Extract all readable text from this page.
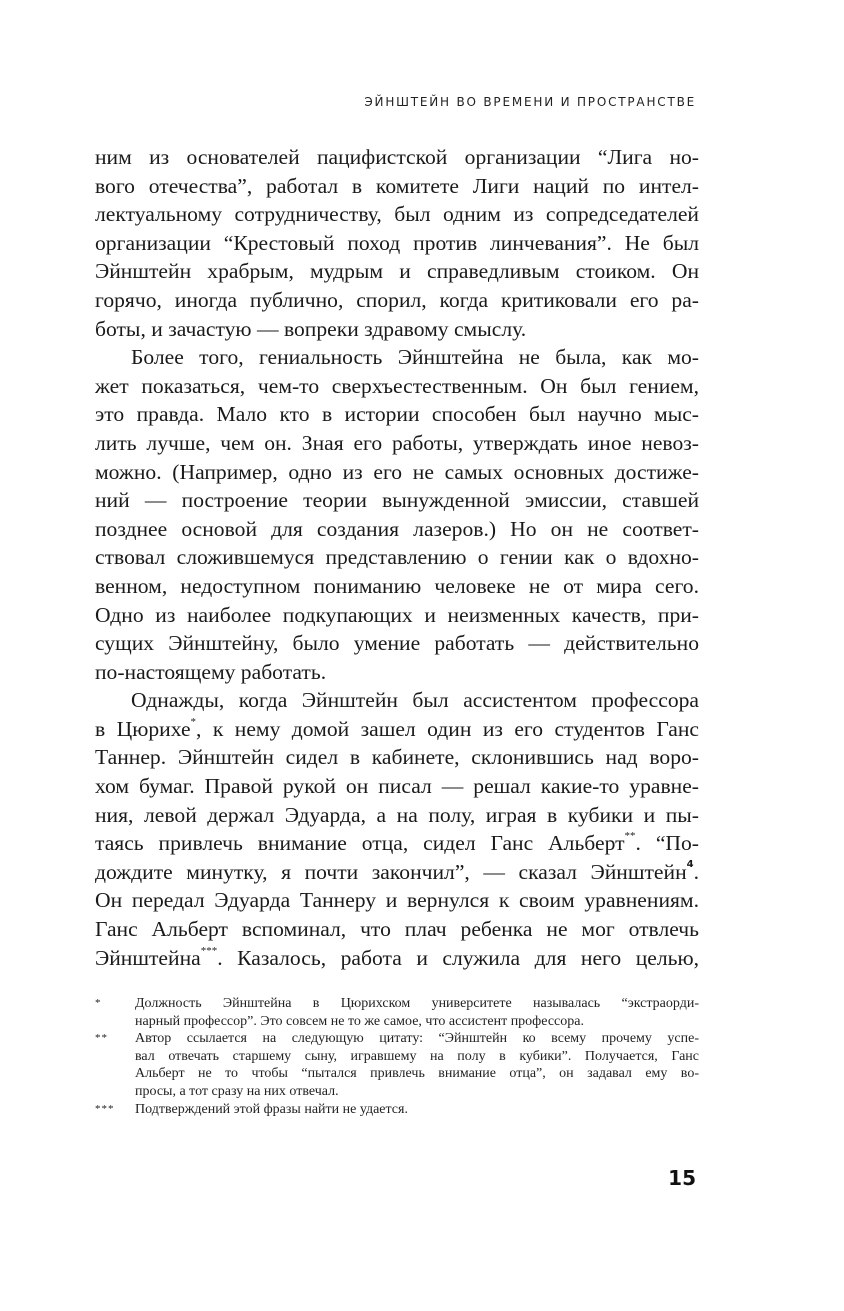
ЭЙНШТЕЙН ВО ВРЕМЕНИ И ПРОСТРАНСТВЕ
ним из основателей пацифистской организации “Лига но-
вого отечества”, работал в комитете Лиги наций по интел-
лектуальному сотрудничеству, был одним из сопредседателей
организации “Крестовый поход против линчевания”. Не был
Эйнштейн храбрым, мудрым и справедливым стоиком. Он
горячо, иногда публично, спорил, когда критиковали его ра-
боты, и зачастую — вопреки здравому смыслу.
Более того, гениальность Эйнштейна не была, как мо-
жет показаться, чем-то сверхъестественным. Он был гением,
это правда. Мало кто в истории способен был научно мыс-
лить лучше, чем он. Зная его работы, утверждать иное невоз-
можно. (Например, одно из его не самых основных достиже-
ний — построение теории вынужденной эмиссии, ставшей
позднее основой для создания лазеров.) Но он не соответ-
ствовал сложившемуся представлению о гении как о вдохно-
венном, недоступном пониманию человеке не от мира сего.
Одно из наиболее подкупающих и неизменных качеств, при-
сущих Эйнштейну, было умение работать — действительно
по-настоящему работать.
Однажды, когда Эйнштейн был ассистентом профессора
в Цюрихе*, к нему домой зашел один из его студентов Ганс
Таннер. Эйнштейн сидел в кабинете, склонившись над воро-
хом бумаг. Правой рукой он писал — решал какие-то уравне-
ния, левой держал Эдуарда, а на полу, играя в кубики и пы-
таясь привлечь внимание отца, сидел Ганс Альберт**. “По-
дождите минутку, я почти закончил”, — сказал Эйнштейн$^4$.
Он передал Эдуарда Таннеру и вернулся к своим уравнениям.
Ганс Альберт вспоминал, что плач ребенка не мог отвлечь
Эйнштейна***. Казалось, работа и служила для него целью,
* Должность Эйнштейна в Цюрихском университете называлась “экстраорди-
нарный профессор”. Это совсем не то же самое, что ассистент профессора.
** Автор ссылается на следующую цитату: “Эйнштейн ко всему прочему успе-
вал отвечать старшему сыну, игравшему на полу в кубики”. Получается, Ганс
Альберт не то чтобы “пытался привлечь внимание отца”, он задавал ему во-
просы, а тот сразу на них отвечал.
*** Подтверждений этой фразы найти не удается.
15
